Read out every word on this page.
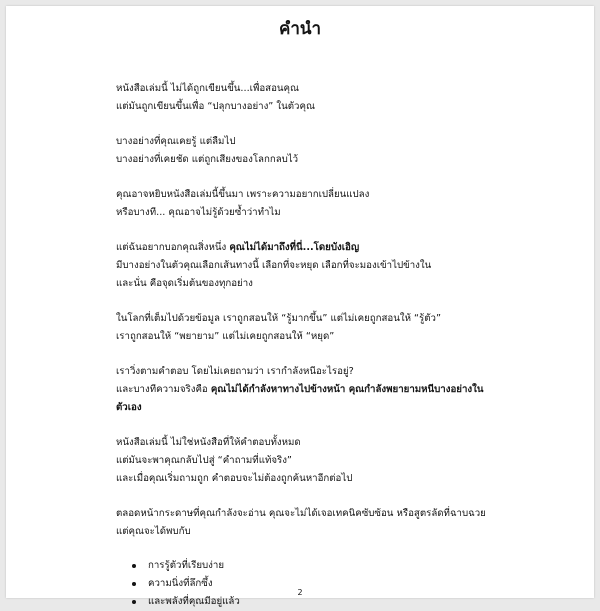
คำนำ

หนังสือเล่มนี้ ไม่ได้ถูกเขียนขึ้น...เพื่อสอนคุณ
แต่มันถูกเขียนขึ้นเพื่อ “ปลุกบางอย่าง” ในตัวคุณ

บางอย่างที่คุณเคยรู้ แต่ลืมไป
บางอย่างที่เคยชัด แต่ถูกเสียงของโลกกลบไว้

คุณอาจหยิบหนังสือเล่มนี้ขึ้นมา เพราะความอยากเปลี่ยนแปลง
หรือบางที... คุณอาจไม่รู้ด้วยซ้ำว่าทำไม

แต่ฉันอยากบอกคุณสิ่งหนึ่ง คุณไม่ได้มาถึงที่นี่...โดยบังเอิญ
มีบางอย่างในตัวคุณเลือกเส้นทางนี้ เลือกที่จะหยุด เลือกที่จะมองเข้าไปข้างใน
และนั่น คือจุดเริ่มต้นของทุกอย่าง

ในโลกที่เต็มไปด้วยข้อมูล เราถูกสอนให้ “รู้มากขึ้น” แต่ไม่เคยถูกสอนให้ “รู้ตัว”
เราถูกสอนให้ “พยายาม” แต่ไม่เคยถูกสอนให้ “หยุด”

เราวิ่งตามคำตอบ โดยไม่เคยถามว่า เรากำลังหนีอะไรอยู่?
และบางทีความจริงคือ คุณไม่ได้กำลังหาทางไปข้างหน้า คุณกำลังพยายามหนีบางอย่างใน
ตัวเอง

หนังสือเล่มนี้ ไม่ใช่หนังสือที่ให้คำตอบทั้งหมด
แต่มันจะพาคุณกลับไปสู่ “คำถามที่แท้จริง”
และเมื่อคุณเริ่มถามถูก คำตอบจะไม่ต้องถูกค้นหาอีกต่อไป

ตลอดหน้ากระดาษที่คุณกำลังจะอ่าน คุณจะไม่ได้เจอเทคนิคซับซ้อน หรือสูตรลัดที่ฉาบฉวย
แต่คุณจะได้พบกับ

การรู้ตัวที่เรียบง่าย
ความนิ่งที่ลึกซึ้ง
และพลังที่คุณมีอยู่แล้ว
2
